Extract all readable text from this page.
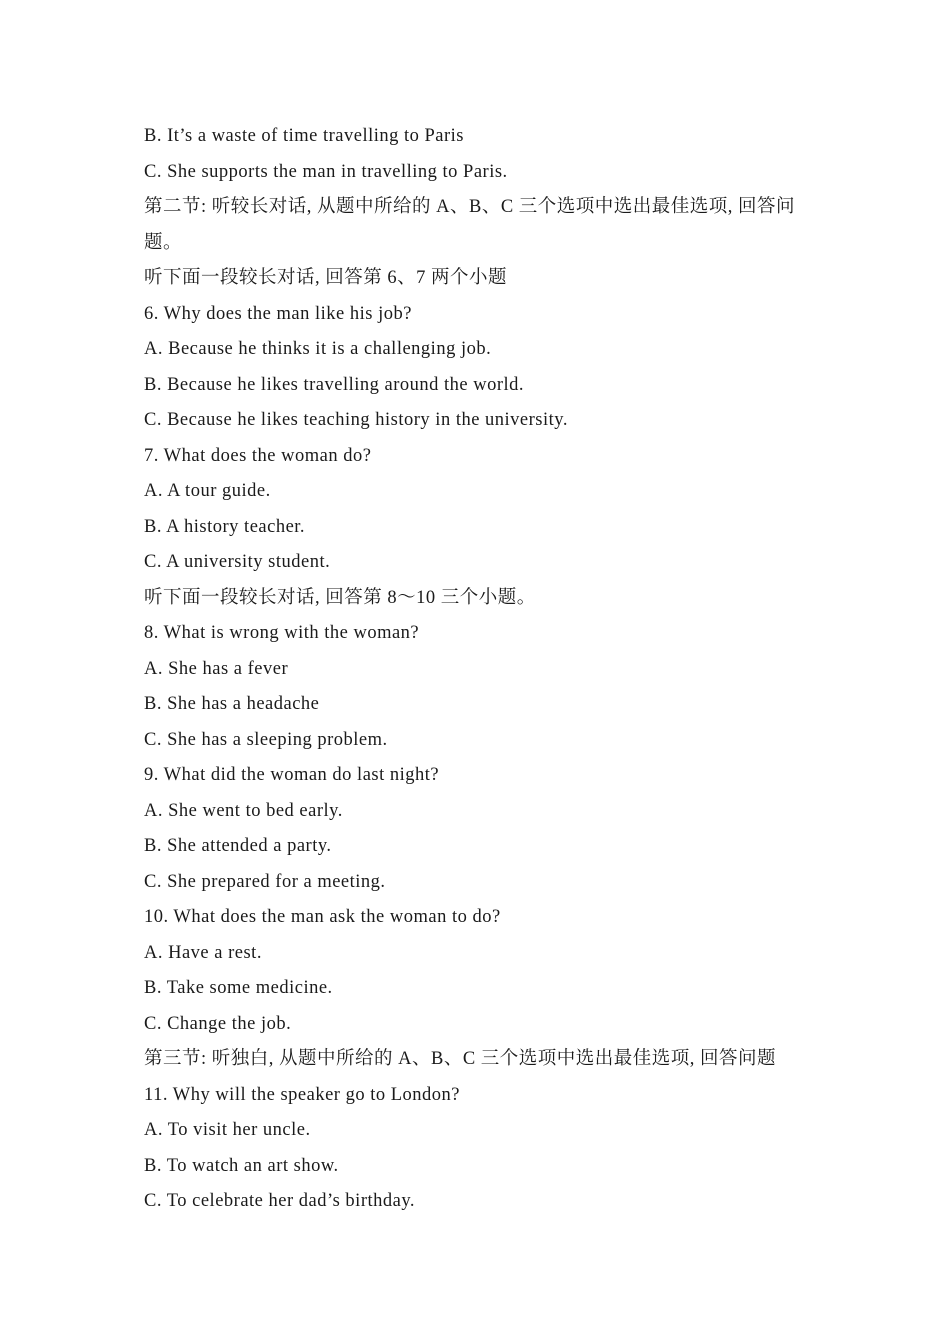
B. It’s a waste of time travelling to Paris
C. She supports the man in travelling to Paris.
第二节: 听较长对话, 从题中所给的 A、B、C 三个选项中选出最佳选项, 回答问题。
听下面一段较长对话, 回答第 6、7 两个小题
6. Why does the man like his job?
A. Because he thinks it is a challenging job.
B. Because he likes travelling around the world.
C. Because he likes teaching history in the university.
7. What does the woman do?
A. A tour guide.
B. A history teacher.
C. A university student.
听下面一段较长对话, 回答第 8～10 三个小题。
8. What is wrong with the woman?
A. She has a fever
B. She has a headache
C. She has a sleeping problem.
9. What did the woman do last night?
A. She went to bed early.
B. She attended a party.
C. She prepared for a meeting.
10. What does the man ask the woman to do?
A. Have a rest.
B. Take some medicine.
C. Change the job.
第三节: 听独白, 从题中所给的 A、B、C 三个选项中选出最佳选项, 回答问题
11. Why will the speaker go to London?
A. To visit her uncle.
B. To watch an art show.
C. To celebrate her dad’s birthday.
